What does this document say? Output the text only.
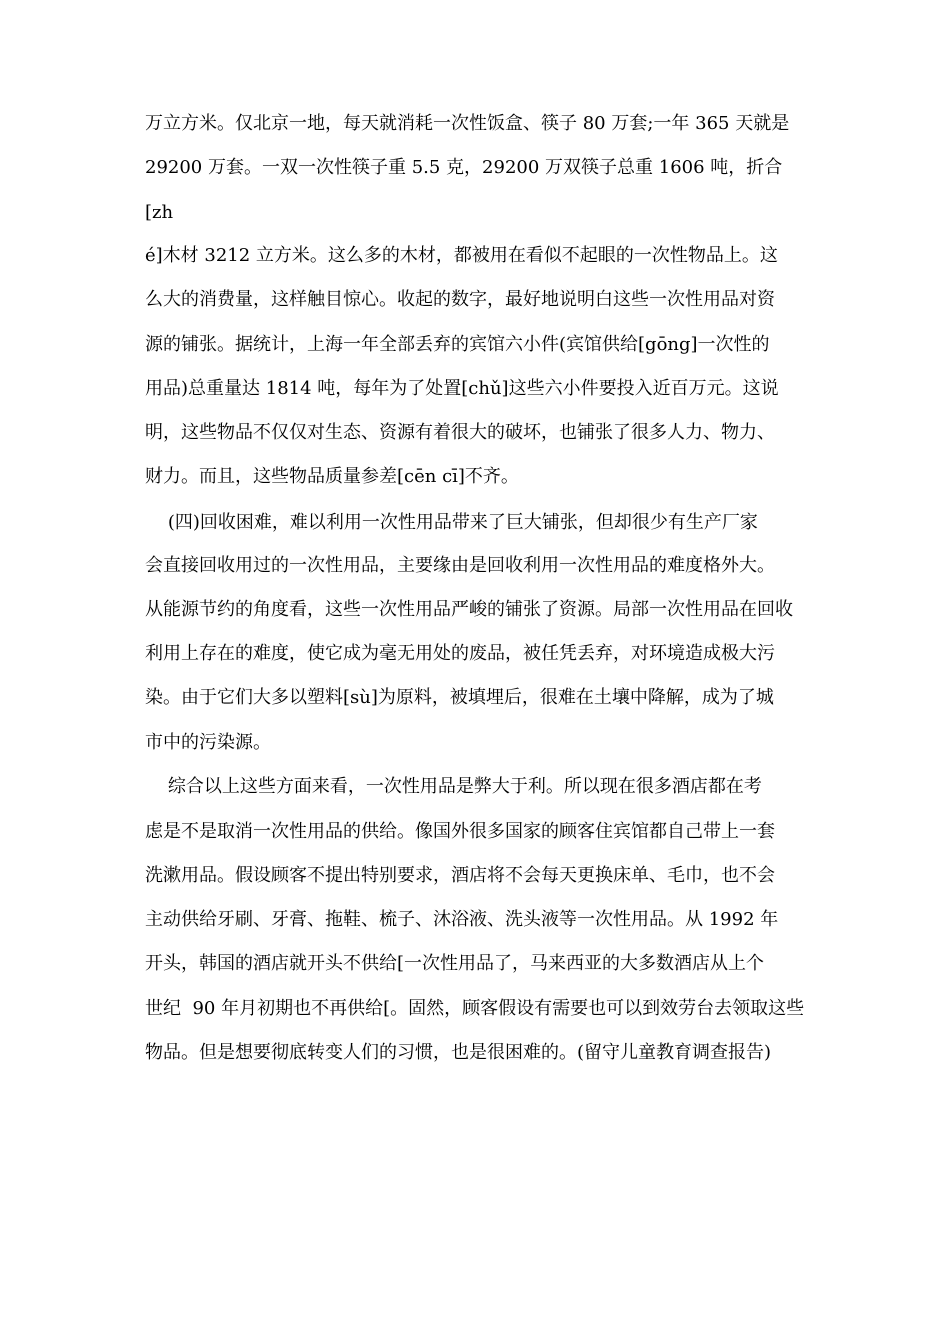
万立方米。仅北京一地，每天就消耗一次性饭盒、筷子 80 万套;一年 365 天就是
29200 万套。一双一次性筷子重 5.5 克，29200 万双筷子总重 1606 吨，折合
[zh
é]木材 3212 立方米。这么多的木材，都被用在看似不起眼的一次性物品上。这
么大的消费量，这样触目惊心。收起的数字，最好地说明白这些一次性用品对资
源的铺张。据统计，上海一年全部丢弃的宾馆六小件(宾馆供给[gōng]一次性的
用品)总重量达 1814 吨，每年为了处置[chǔ]这些六小件要投入近百万元。这说
明，这些物品不仅仅对生态、资源有着很大的破坏，也铺张了很多人力、物力、
财力。而且，这些物品质量参差[cēn cī]不齐。
(四)回收困难，难以利用一次性用品带来了巨大铺张，但却很少有生产厂家
会直接回收用过的一次性用品，主要缘由是回收利用一次性用品的难度格外大。
从能源节约的角度看，这些一次性用品严峻的铺张了资源。局部一次性用品在回收
利用上存在的难度，使它成为毫无用处的废品，被任凭丢弃，对环境造成极大污
染。由于它们大多以塑料[sù]为原料，被填埋后，很难在土壤中降解，成为了城
市中的污染源。
综合以上这些方面来看，一次性用品是弊大于利。所以现在很多酒店都在考
虑是不是取消一次性用品的供给。像国外很多国家的顾客住宾馆都自己带上一套
洗漱用品。假设顾客不提出特别要求，酒店将不会每天更换床单、毛巾，也不会
主动供给牙刷、牙膏、拖鞋、梳子、沐浴液、洗头液等一次性用品。从 1992 年
开头，韩国的酒店就开头不供给[一次性用品了，马来西亚的大多数酒店从上个
世纪  90 年月初期也不再供给[。固然，顾客假设有需要也可以到效劳台去领取这些
物品。但是想要彻底转变人们的习惯，也是很困难的。(留守儿童教育调查报告)
